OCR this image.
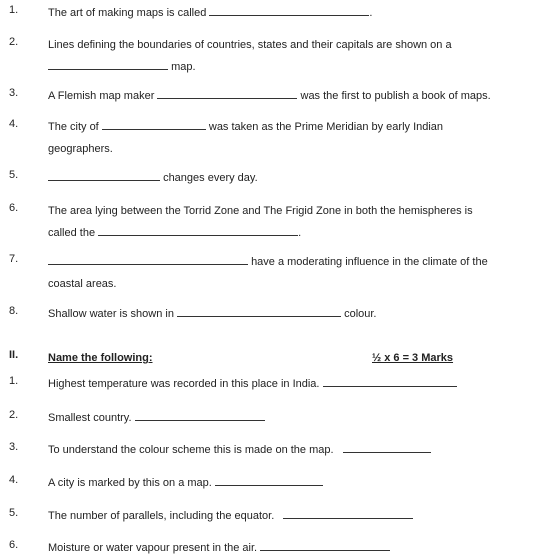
1.	The art of making maps is called	.
2.	Lines defining the boundaries of countries, states and their capitals are shown on a
map.
3.	A Flemish map maker	was the first to publish a book of maps.
4.	The city of	was taken as the Prime Meridian by early Indian
geographers.
5.	changes every day.
6.	The area lying between the Torrid Zone and The Frigid Zone in both the hemispheres is
called the	.
7.	have a moderating influence in the climate of the
coastal areas.
8.	Shallow water is shown in	colour.
II.	Name the following:	½ x 6 = 3 Marks
1.	Highest temperature was recorded in this place in India.
2.	Smallest country.
3.	To understand the colour scheme this is made on the map.
4.	A city is marked by this on a map.
5.	The number of parallels, including the equator.
6.	Moisture or water vapour present in the air.
